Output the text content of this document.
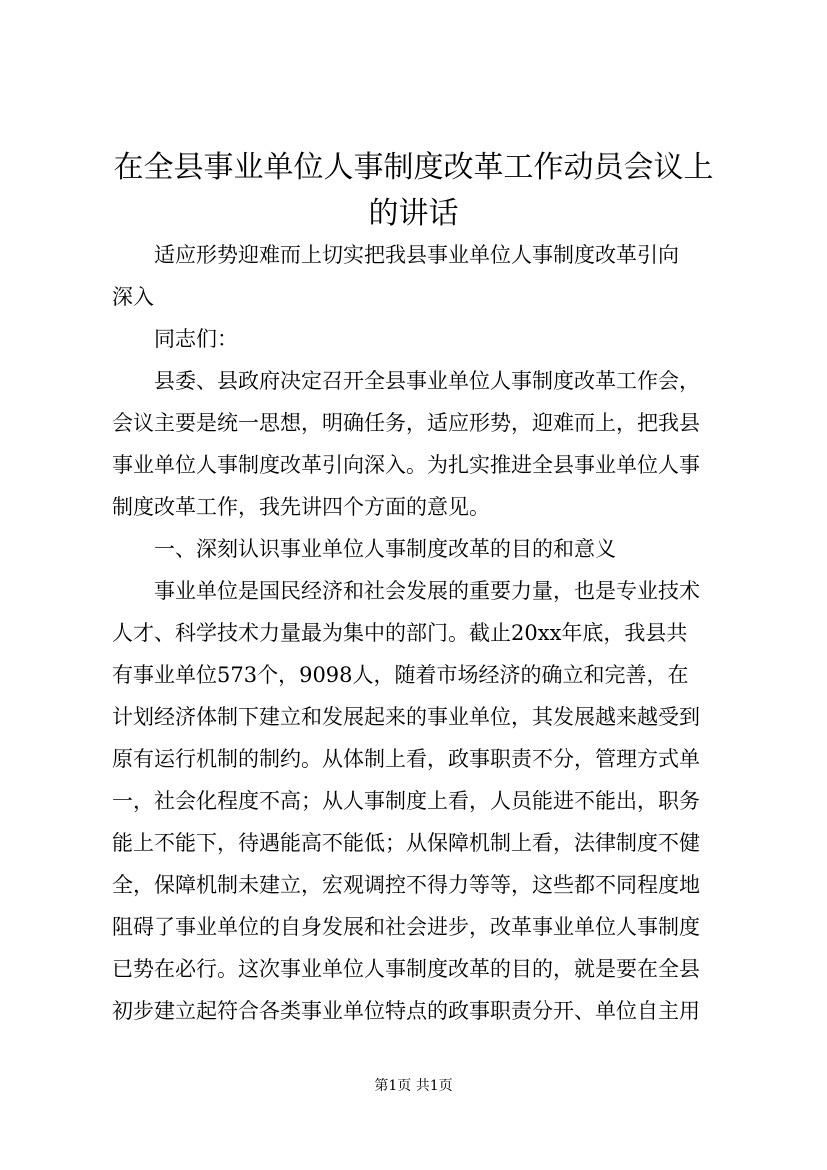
在全县事业单位人事制度改革工作动员会议上
的讲话
适应形势迎难而上切实把我县事业单位人事制度改革引向
深入
同志们：
县委、县政府决定召开全县事业单位人事制度改革工作会，
会议主要是统一思想，明确任务，适应形势，迎难而上，把我县
事业单位人事制度改革引向深入。为扎实推进全县事业单位人事
制度改革工作，我先讲四个方面的意见。
一、深刻认识事业单位人事制度改革的目的和意义
事业单位是国民经济和社会发展的重要力量，也是专业技术
人才、科学技术力量最为集中的部门。截止20xx年底，我县共
有事业单位573个，9098人，随着市场经济的确立和完善，在
计划经济体制下建立和发展起来的事业单位，其发展越来越受到
原有运行机制的制约。从体制上看，政事职责不分，管理方式单
一，社会化程度不高；从人事制度上看，人员能进不能出，职务
能上不能下，待遇能高不能低；从保障机制上看，法律制度不健
全，保障机制未建立，宏观调控不得力等等，这些都不同程度地
阻碍了事业单位的自身发展和社会进步，改革事业单位人事制度
已势在必行。这次事业单位人事制度改革的目的，就是要在全县
初步建立起符合各类事业单位特点的政事职责分开、单位自主用
第1页 共1页
